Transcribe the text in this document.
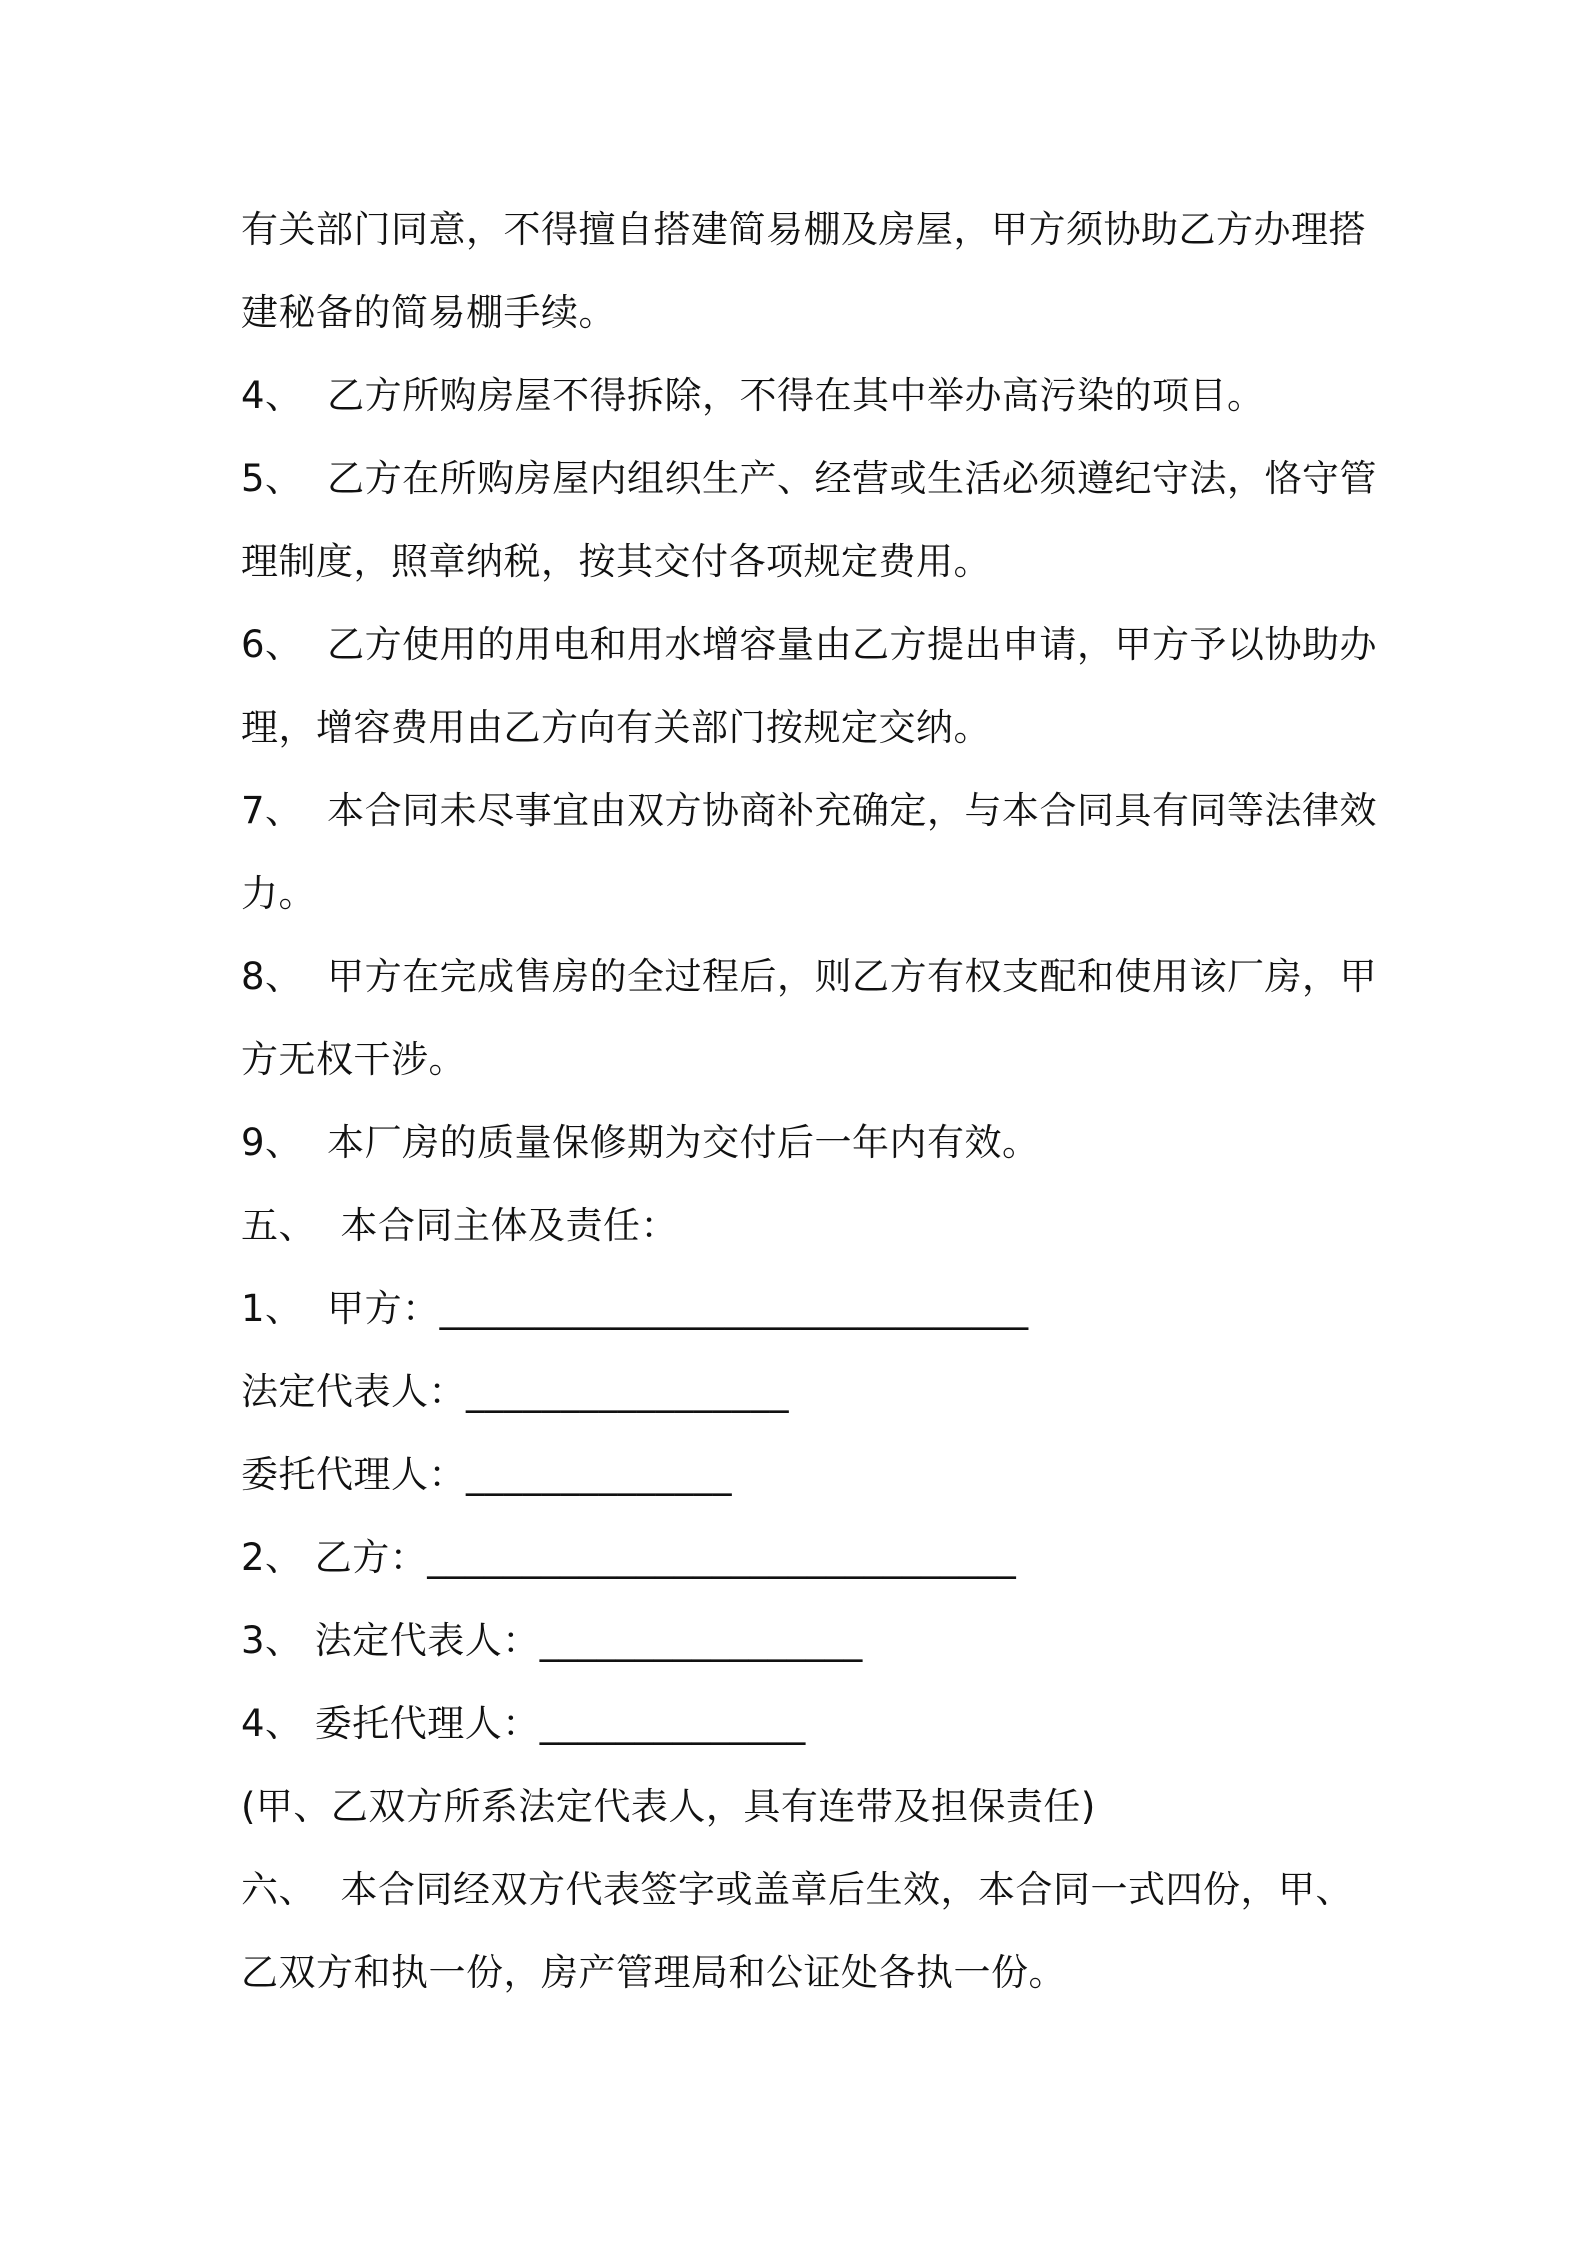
有关部门同意，不得擅自搭建简易棚及房屋，甲方须协助乙方办理搭
建秘备的简易棚手续。
4、  乙方所购房屋不得拆除，不得在其中举办高污染的项目。
5、  乙方在所购房屋内组织生产、经营或生活必须遵纪守法，恪守管
理制度，照章纳税，按其交付各项规定费用。
6、  乙方使用的用电和用水增容量由乙方提出申请，甲方予以协助办
理，增容费用由乙方向有关部门按规定交纳。
7、  本合同未尽事宜由双方协商补充确定，与本合同具有同等法律效
力。
8、  甲方在完成售房的全过程后，则乙方有权支配和使用该厂房，甲
方无权干涉。
9、  本厂房的质量保修期为交付后一年内有效。
五、  本合同主体及责任：
1、  甲方：_______________________________
法定代表人：_________________
委托代理人：______________
2、 乙方：_______________________________
3、 法定代表人：_________________
4、 委托代理人：______________
(甲、乙双方所系法定代表人，具有连带及担保责任)
六、  本合同经双方代表签字或盖章后生效，本合同一式四份，甲、
乙双方和执一份，房产管理局和公证处各执一份。
